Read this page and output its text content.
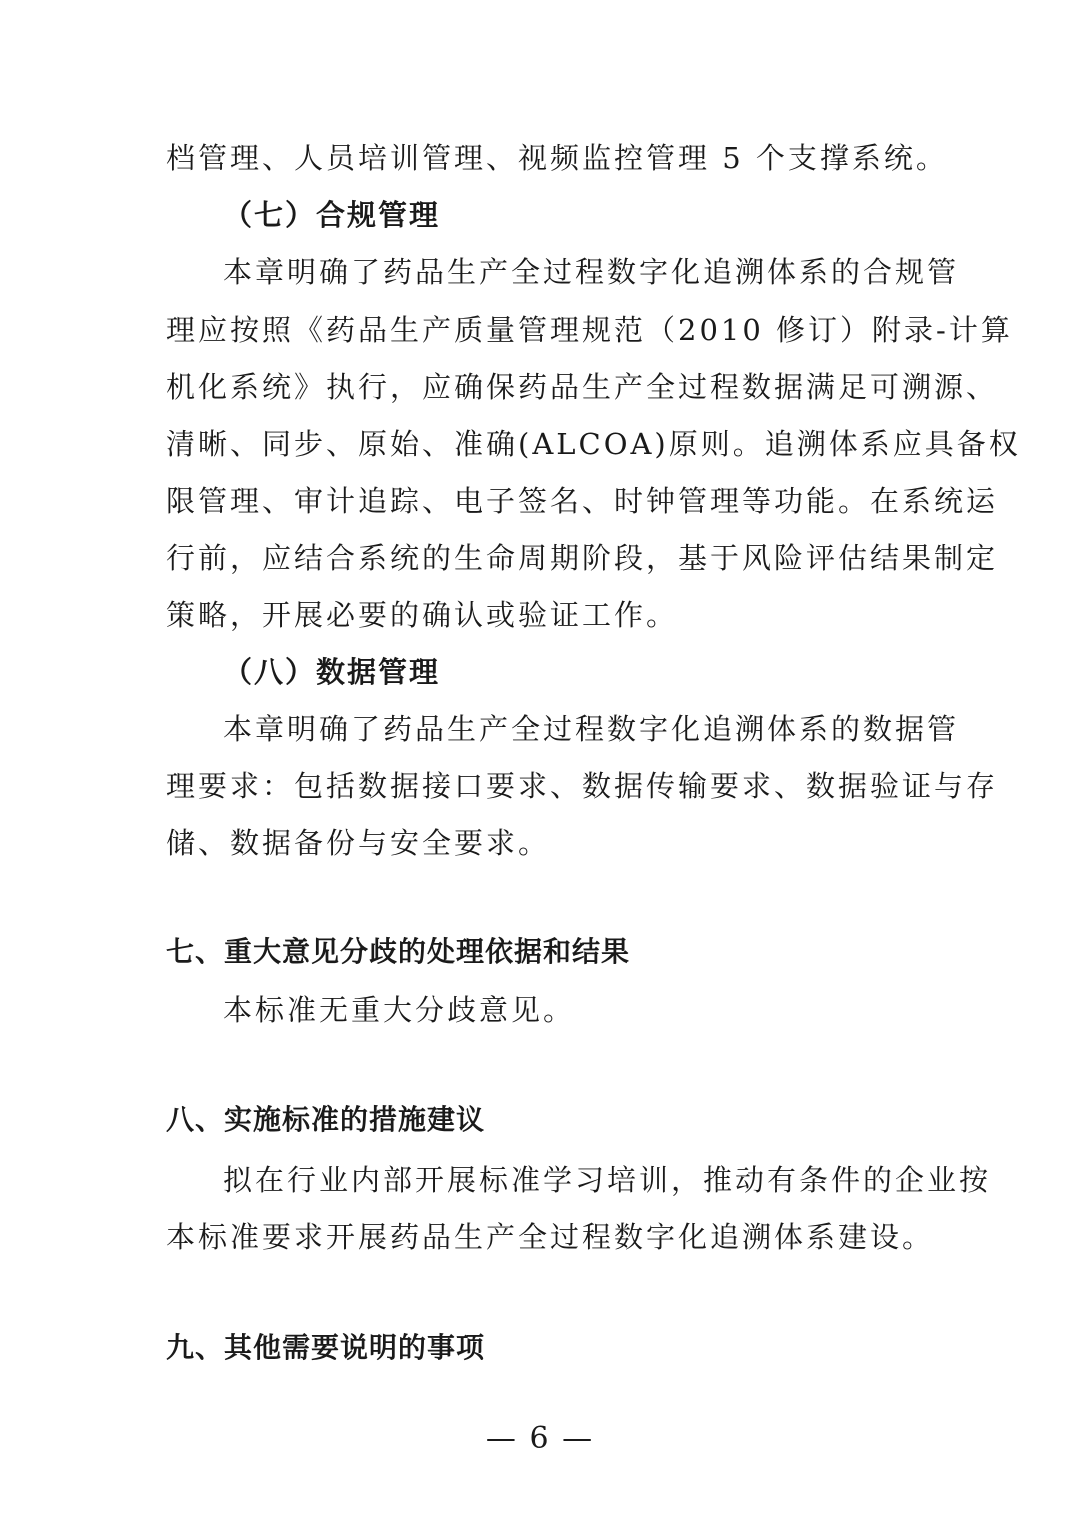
档管理、人员培训管理、视频监控管理 5 个支撑系统。
（七）合规管理
本章明确了药品生产全过程数字化追溯体系的合规管
理应按照《药品生产质量管理规范（2010 修订）附录-计算
机化系统》执行，应确保药品生产全过程数据满足可溯源、
清晰、同步、原始、准确(ALCOA)原则。追溯体系应具备权
限管理、审计追踪、电子签名、时钟管理等功能。在系统运
行前，应结合系统的生命周期阶段，基于风险评估结果制定
策略，开展必要的确认或验证工作。
（八）数据管理
本章明确了药品生产全过程数字化追溯体系的数据管
理要求：包括数据接口要求、数据传输要求、数据验证与存
储、数据备份与安全要求。
七、重大意见分歧的处理依据和结果
本标准无重大分歧意见。
八、实施标准的措施建议
拟在行业内部开展标准学习培训，推动有条件的企业按
本标准要求开展药品生产全过程数字化追溯体系建设。
九、其他需要说明的事项
— 6 —
